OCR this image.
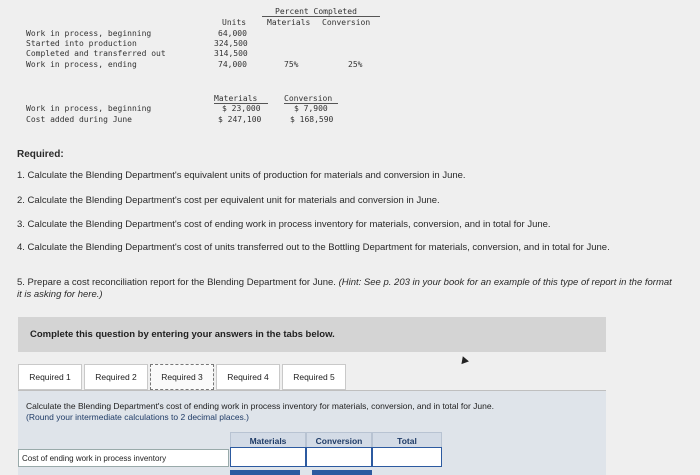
Percent Completed
Units	Materials Conversion
Work in process, beginning	64,000
Started into production	324,500
Completed and transferred out	314,500
Work in process, ending	74,000	75%	25%
Materials	Conversion
Work in process, beginning	$ 23,000	$ 7,900
Cost added during June	$ 247,100	$ 168,590
Required:
1. Calculate the Blending Department's equivalent units of production for materials and conversion in June.
2. Calculate the Blending Department's cost per equivalent unit for materials and conversion in June.
3. Calculate the Blending Department's cost of ending work in process inventory for materials, conversion, and in total for June.
4. Calculate the Blending Department's cost of units transferred out to the Bottling Department for materials, conversion, and in total for June.
5. Prepare a cost reconciliation report for the Blending Department for June. (Hint: See p. 203 in your book for an example of this type of report in the format it is asking for here.)
Complete this question by entering your answers in the tabs below.
Required 1	Required 2	Required 3	Required 4	Required 5
Calculate the Blending Department's cost of ending work in process inventory for materials, conversion, and in total for June.
(Round your intermediate calculations to 2 decimal places.)
Materials	Conversion	Total
Cost of ending work in process inventory
